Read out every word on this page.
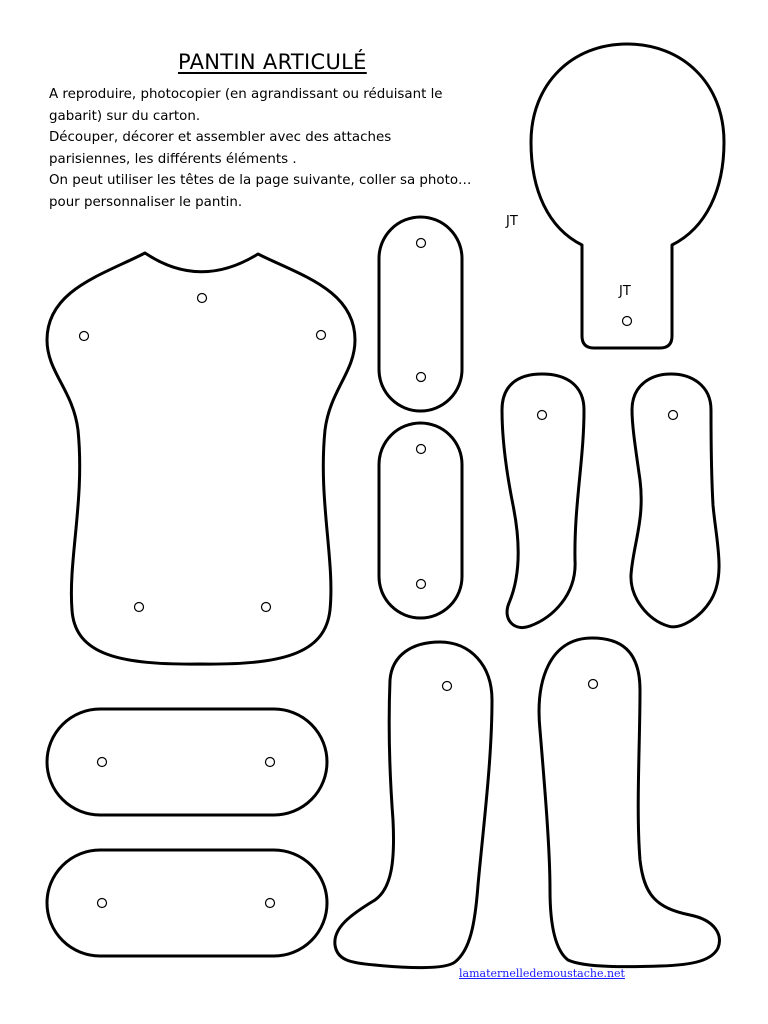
PANTIN ARTICULÉ
A reproduire, photocopier (en agrandissant ou réduisant le
gabarit) sur du carton.
Découper, décorer et assembler avec des attaches
parisiennes, les différents éléments .
On peut utiliser les têtes de la page suivante, coller sa photo…
pour personnaliser le pantin.
JT
JT
lamaternelledemoustache.net
